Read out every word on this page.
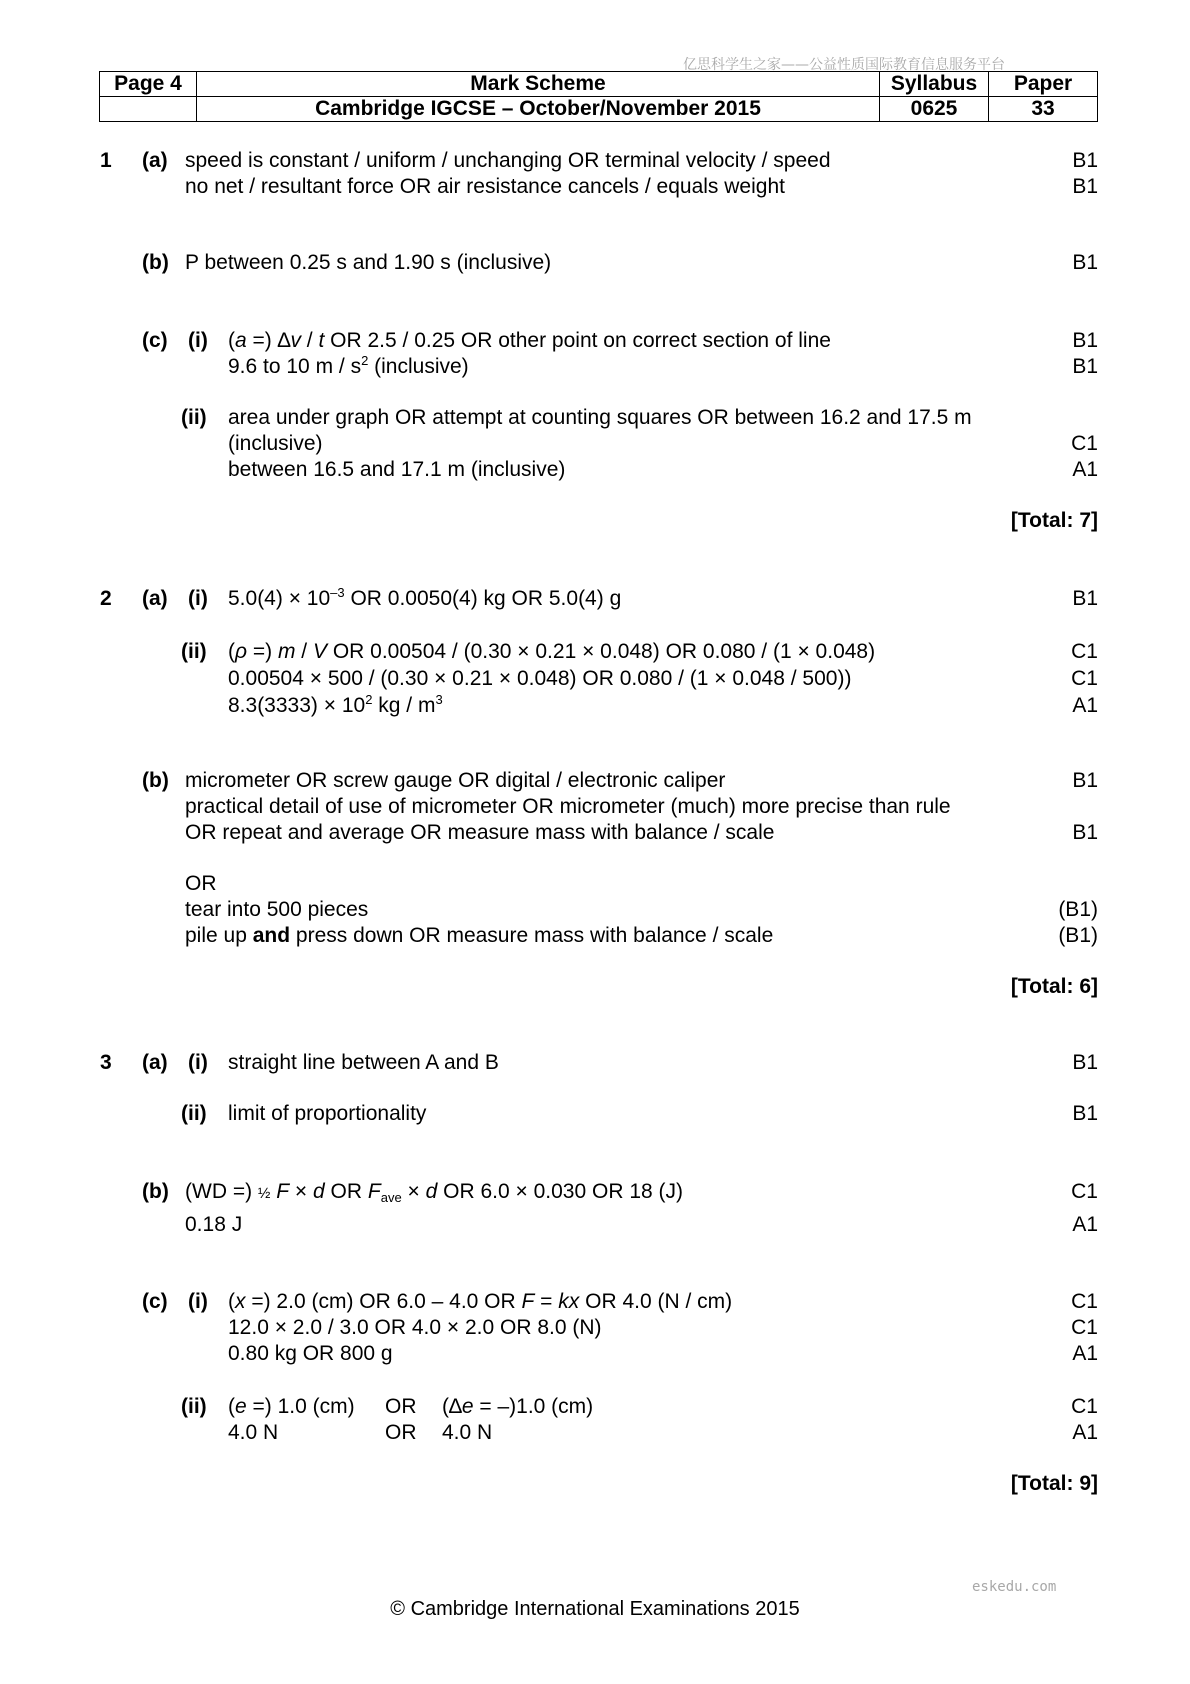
亿思科学生之家——公益性质国际教育信息服务平台
Page 4	Mark Scheme	Syllabus	Paper
	Cambridge IGCSE – October/November 2015	0625	33
1 (a) speed is constant / uniform / unchanging OR terminal velocity / speed	B1
no net / resultant force OR air resistance cancels / equals weight	B1
(b) P between 0.25 s and 1.90 s (inclusive)	B1
(c) (i) (a =) ∆v / t OR 2.5 / 0.25 OR other point on correct section of line	B1
9.6 to 10 m / $s^2$ (inclusive)	B1
(ii) area under graph OR attempt at counting squares OR between 16.2 and 17.5 m
(inclusive)	C1
between 16.5 and 17.1 m (inclusive)	A1
[Total: 7]
2 (a) (i) $5.0(4) \times 10^{-3}$ OR 0.0050(4) kg OR 5.0(4) g	B1
(ii) (ρ =) m / V OR 0.00504 / (0.30 × 0.21 × 0.048) OR 0.080 / (1 × 0.048)	C1
0.00504 × 500 / (0.30 × 0.21 × 0.048) OR 0.080 / (1 × 0.048 / 500))	C1
$8.3(3333) \times 10^2$ kg / $m^3$	A1
(b) micrometer OR screw gauge OR digital / electronic caliper	B1
practical detail of use of micrometer OR micrometer (much) more precise than rule
OR repeat and average OR measure mass with balance / scale	B1
OR
tear into 500 pieces	(B1)
pile up and press down OR measure mass with balance / scale	(B1)
[Total: 6]
3 (a) (i) straight line between A and B	B1
(ii) limit of proportionality	B1
(b) (WD =) ½ F × d OR $F_{ave} \times d$ OR 6.0 × 0.030 OR 18 (J)	C1
0.18 J	A1
(c) (i) (x =) 2.0 (cm) OR 6.0 – 4.0 OR F = kx OR 4.0 (N / cm)	C1
12.0 × 2.0 / 3.0 OR 4.0 × 2.0 OR 8.0 (N)	C1
0.80 kg OR 800 g	A1
(ii) (e =) 1.0 (cm) OR (∆e = –)1.0 (cm)	C1
4.0 N	OR 4.0 N	A1
[Total: 9]
eskedu.com
© Cambridge International Examinations 2015
